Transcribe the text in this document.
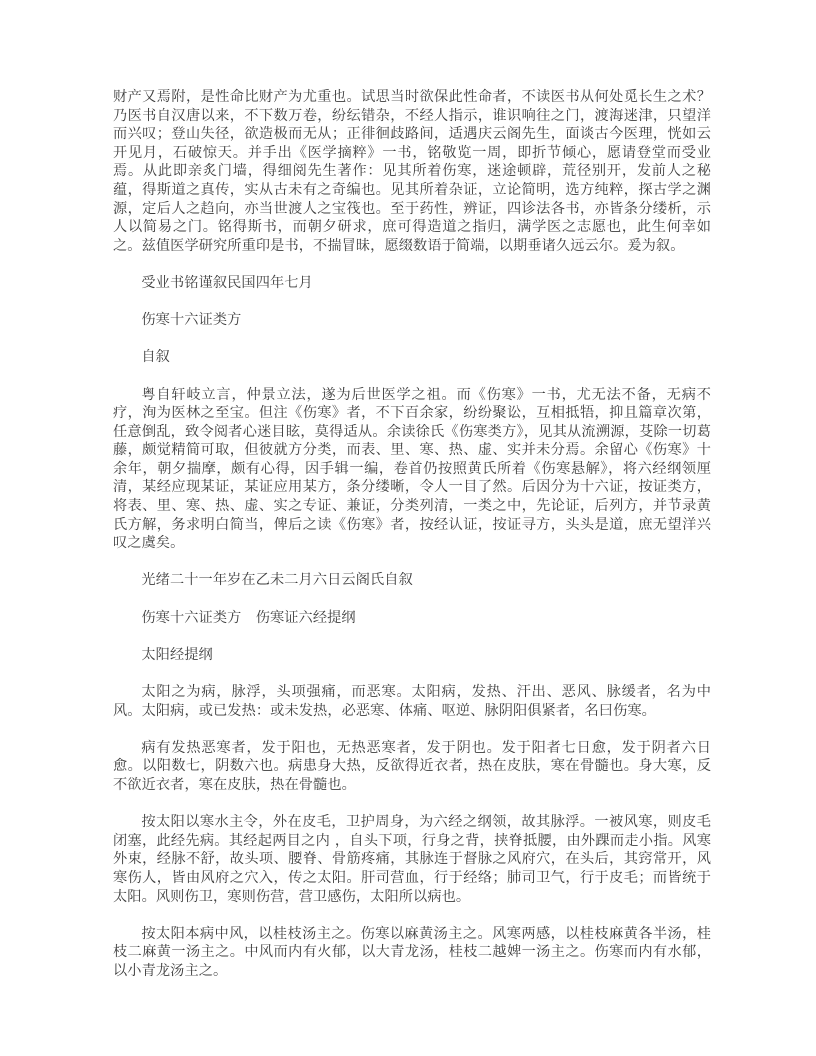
财产又焉附，是性命比财产为尤重也。试思当时欲保此性命者，不读医书从何处觅长生之术？乃医书自汉唐以来，不下数万卷，纷纭错杂，不经人指示，谁识响往之门，渡海迷津，只望洋而兴叹；登山失径，欲造极而无从；正徘徊歧路间，适遇庆云阁先生，面谈古今医理，恍如云开见月，石破惊天。并手出《医学摘粹》一书，铭敬览一周，即折节倾心，愿请登堂而受业焉。从此即亲炙门墙，得细阅先生著作：见其所着伤寒，迷途顿辟，荒径别开，发前人之秘蕴，得斯道之真传，实从古未有之奇编也。见其所着杂证，立论简明，选方纯粹，探古学之渊源，定后人之趋向，亦当世渡人之宝筏也。至于药性，辨证，四诊法各书，亦皆条分缕析，示人以简易之门。铭得斯书，而朝夕研求，庶可得造道之指归，满学医之志愿也，此生何幸如之。兹值医学研究所重印是书，不揣冒昧，愿缀数语于简端，以期垂诸久远云尔。爰为叙。

受业书铭谨叙民国四年七月

伤寒十六证类方

自叙

粤自轩岐立言，仲景立法，遂为后世医学之祖。而《伤寒》一书，尤无法不备，无病不疗，洵为医林之至宝。但注《伤寒》者，不下百余家，纷纷聚讼，互相抵牾，抑且篇章次第，任意倒乱，致令阅者心迷目眩，莫得适从。余读徐氏《伤寒类方》，见其从流溯源，芟除一切葛藤，颇觉精简可取，但彼就方分类，而表、里、寒、热、虚、实并未分焉。余留心《伤寒》十余年，朝夕揣摩，颇有心得，因手辑一编，卷首仍按照黄氏所着《伤寒悬解》，将六经纲领厘清，某经应现某证，某证应用某方，条分缕晰，令人一目了然。后因分为十六证，按证类方，将表、里、寒、热、虚、实之专证、兼证，分类列清，一类之中，先论证，后列方，并节录黄氏方解，务求明白简当，俾后之读《伤寒》者，按经认证，按证寻方，头头是道，庶无望洋兴叹之虞矣。

光绪二十一年岁在乙未二月六日云阁氏自叙

伤寒十六证类方　伤寒证六经提纲

太阳经提纲

太阳之为病，脉浮，头项强痛，而恶寒。太阳病，发热、汗出、恶风、脉缓者，名为中风。太阳病，或已发热：或未发热，必恶寒、体痛、呕逆、脉阴阳俱紧者，名曰伤寒。

病有发热恶寒者，发于阳也，无热恶寒者，发于阴也。发于阳者七日愈，发于阴者六日愈。以阳数七，阴数六也。病患身大热，反欲得近衣者，热在皮肤，寒在骨髓也。身大寒，反不欲近衣者，寒在皮肤，热在骨髓也。

按太阳以寒水主令，外在皮毛，卫护周身，为六经之纲领，故其脉浮。一被风寒，则皮毛闭塞，此经先病。其经起两目之内 ，自头下项，行身之背，挟脊抵腰，由外踝而走小指。风寒外束，经脉不舒，故头项、腰脊、骨筋疼痛，其脉连于督脉之风府穴，在头后，其窍常开，风寒伤人，皆由风府之穴入，传之太阳。肝司营血，行于经络；肺司卫气，行于皮毛；而皆统于太阳。风则伤卫，寒则伤营，营卫感伤，太阳所以病也。

按太阳本病中风，以桂枝汤主之。伤寒以麻黄汤主之。风寒两感，以桂枝麻黄各半汤，桂枝二麻黄一汤主之。中风而内有火郁，以大青龙汤，桂枝二越婢一汤主之。伤寒而内有水郁，以小青龙汤主之。
